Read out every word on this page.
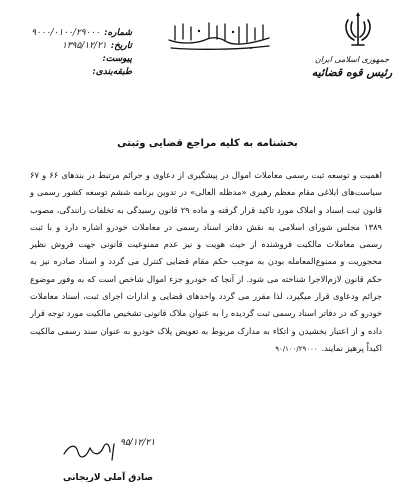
جمهوری اسلامی ایران
رئیس قوه قضائیه
شماره:
۹۰۰۰/۰۱۰۰/۲۹۰۰۰
تاریخ:
۱۳۹۵/۱۲/۲۱
پیوست:
طبقه‌بندی:
بخشنامه به کلیه مراجع قضایی وثبتی

اهمیت و توسعه ثبت رسمی معاملات اموال در پیشگیری از دعاوی و جرائم مرتبط در بندهای ۶۶ و ۶۷ سیاست‌های ابلاغی مقام معظم رهبری «مدظله العالی» در تدوین برنامه ششم توسعه کشور رسمی و قانون ثبت اسناد و املاک مورد تاکید قرار گرفته و ماده ۲۹ قانون رسیدگی به تخلفات رانندگی، مصوب ۱۳۸۹ مجلس شورای اسلامی به نقش دفاتر اسناد رسمی در معاملات خودرو اشاره دارد و با ثبت رسمی معاملات مالکیت فروشنده از حیث هویت و نیز عدم ممنوعیت قانونی جهت فروش نظیر محجوریت و ممنوع‌المعامله بودن به موجب حکم مقام قضایی کنترل می گردد و اسناد صادره نیز به حکم قانون لازم‌الاجرا شناخته می شود. از آنجا که خودرو جزء اموال شاخص است که به وفور موضوع جرائم ودعاوی قرار میگیرد، لذا مقرر می گردد واحدهای قضایی و ادارات اجرای ثبت، اسناد معاملات خودرو که در دفاتر اسناد رسمی ثبت گردیده را به عنوان ملاک قانونی تشخیص مالکیت مورد توجه قرار داده و از اعتبار بخشیدن و اتکاء به مدارک مربوط به تعویض پلاک خودرو به عنوان سند رسمی مالکیت اکیداً پرهیز نمایند.۹۰/۱۰۰/۲۹۰۰۰

۹۵/۱۲/۲۱
صادق آملی لاریجانی
